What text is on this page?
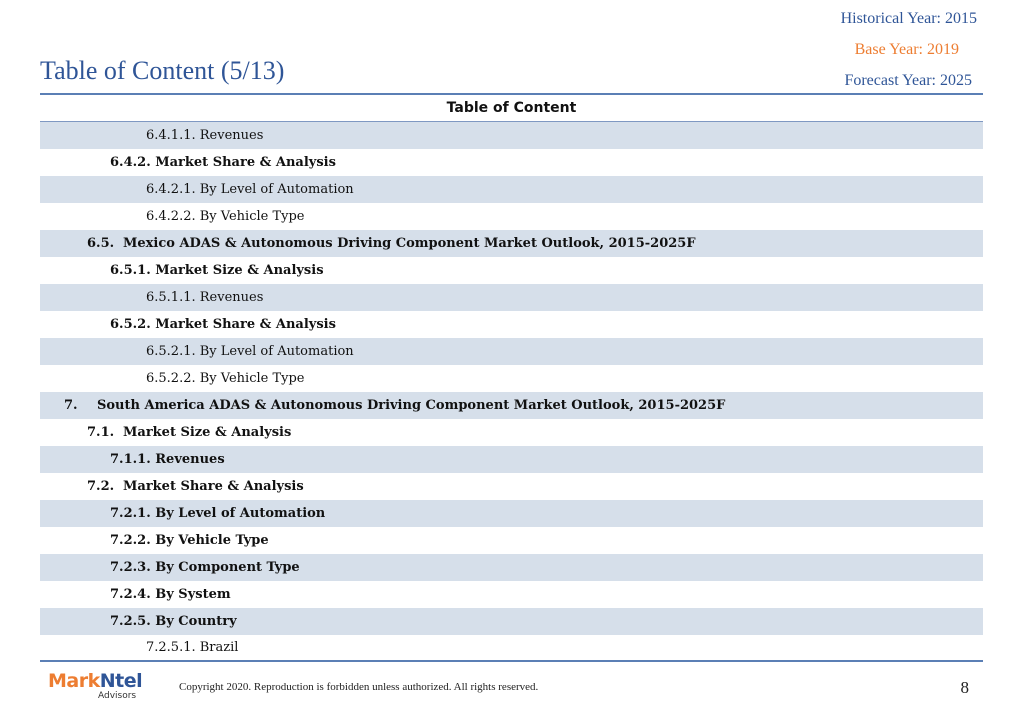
Historical Year: 2015
Base Year: 2019
Forecast Year: 2025
Table of Content (5/13)
Table of Content
6.4.1.1. Revenues
6.4.2. Market Share & Analysis
6.4.2.1. By Level of Automation
6.4.2.2. By Vehicle Type
6.5. Mexico ADAS & Autonomous Driving Component Market Outlook, 2015-2025F
6.5.1. Market Size & Analysis
6.5.1.1. Revenues
6.5.2. Market Share & Analysis
6.5.2.1. By Level of Automation
6.5.2.2. By Vehicle Type
7. South America ADAS & Autonomous Driving Component Market Outlook, 2015-2025F
7.1. Market Size & Analysis
7.1.1. Revenues
7.2. Market Share & Analysis
7.2.1. By Level of Automation
7.2.2. By Vehicle Type
7.2.3. By Component Type
7.2.4. By System
7.2.5. By Country
7.2.5.1. Brazil
MarkNtel
Advisors
Copyright 2020. Reproduction is forbidden unless authorized. All rights reserved.	8
